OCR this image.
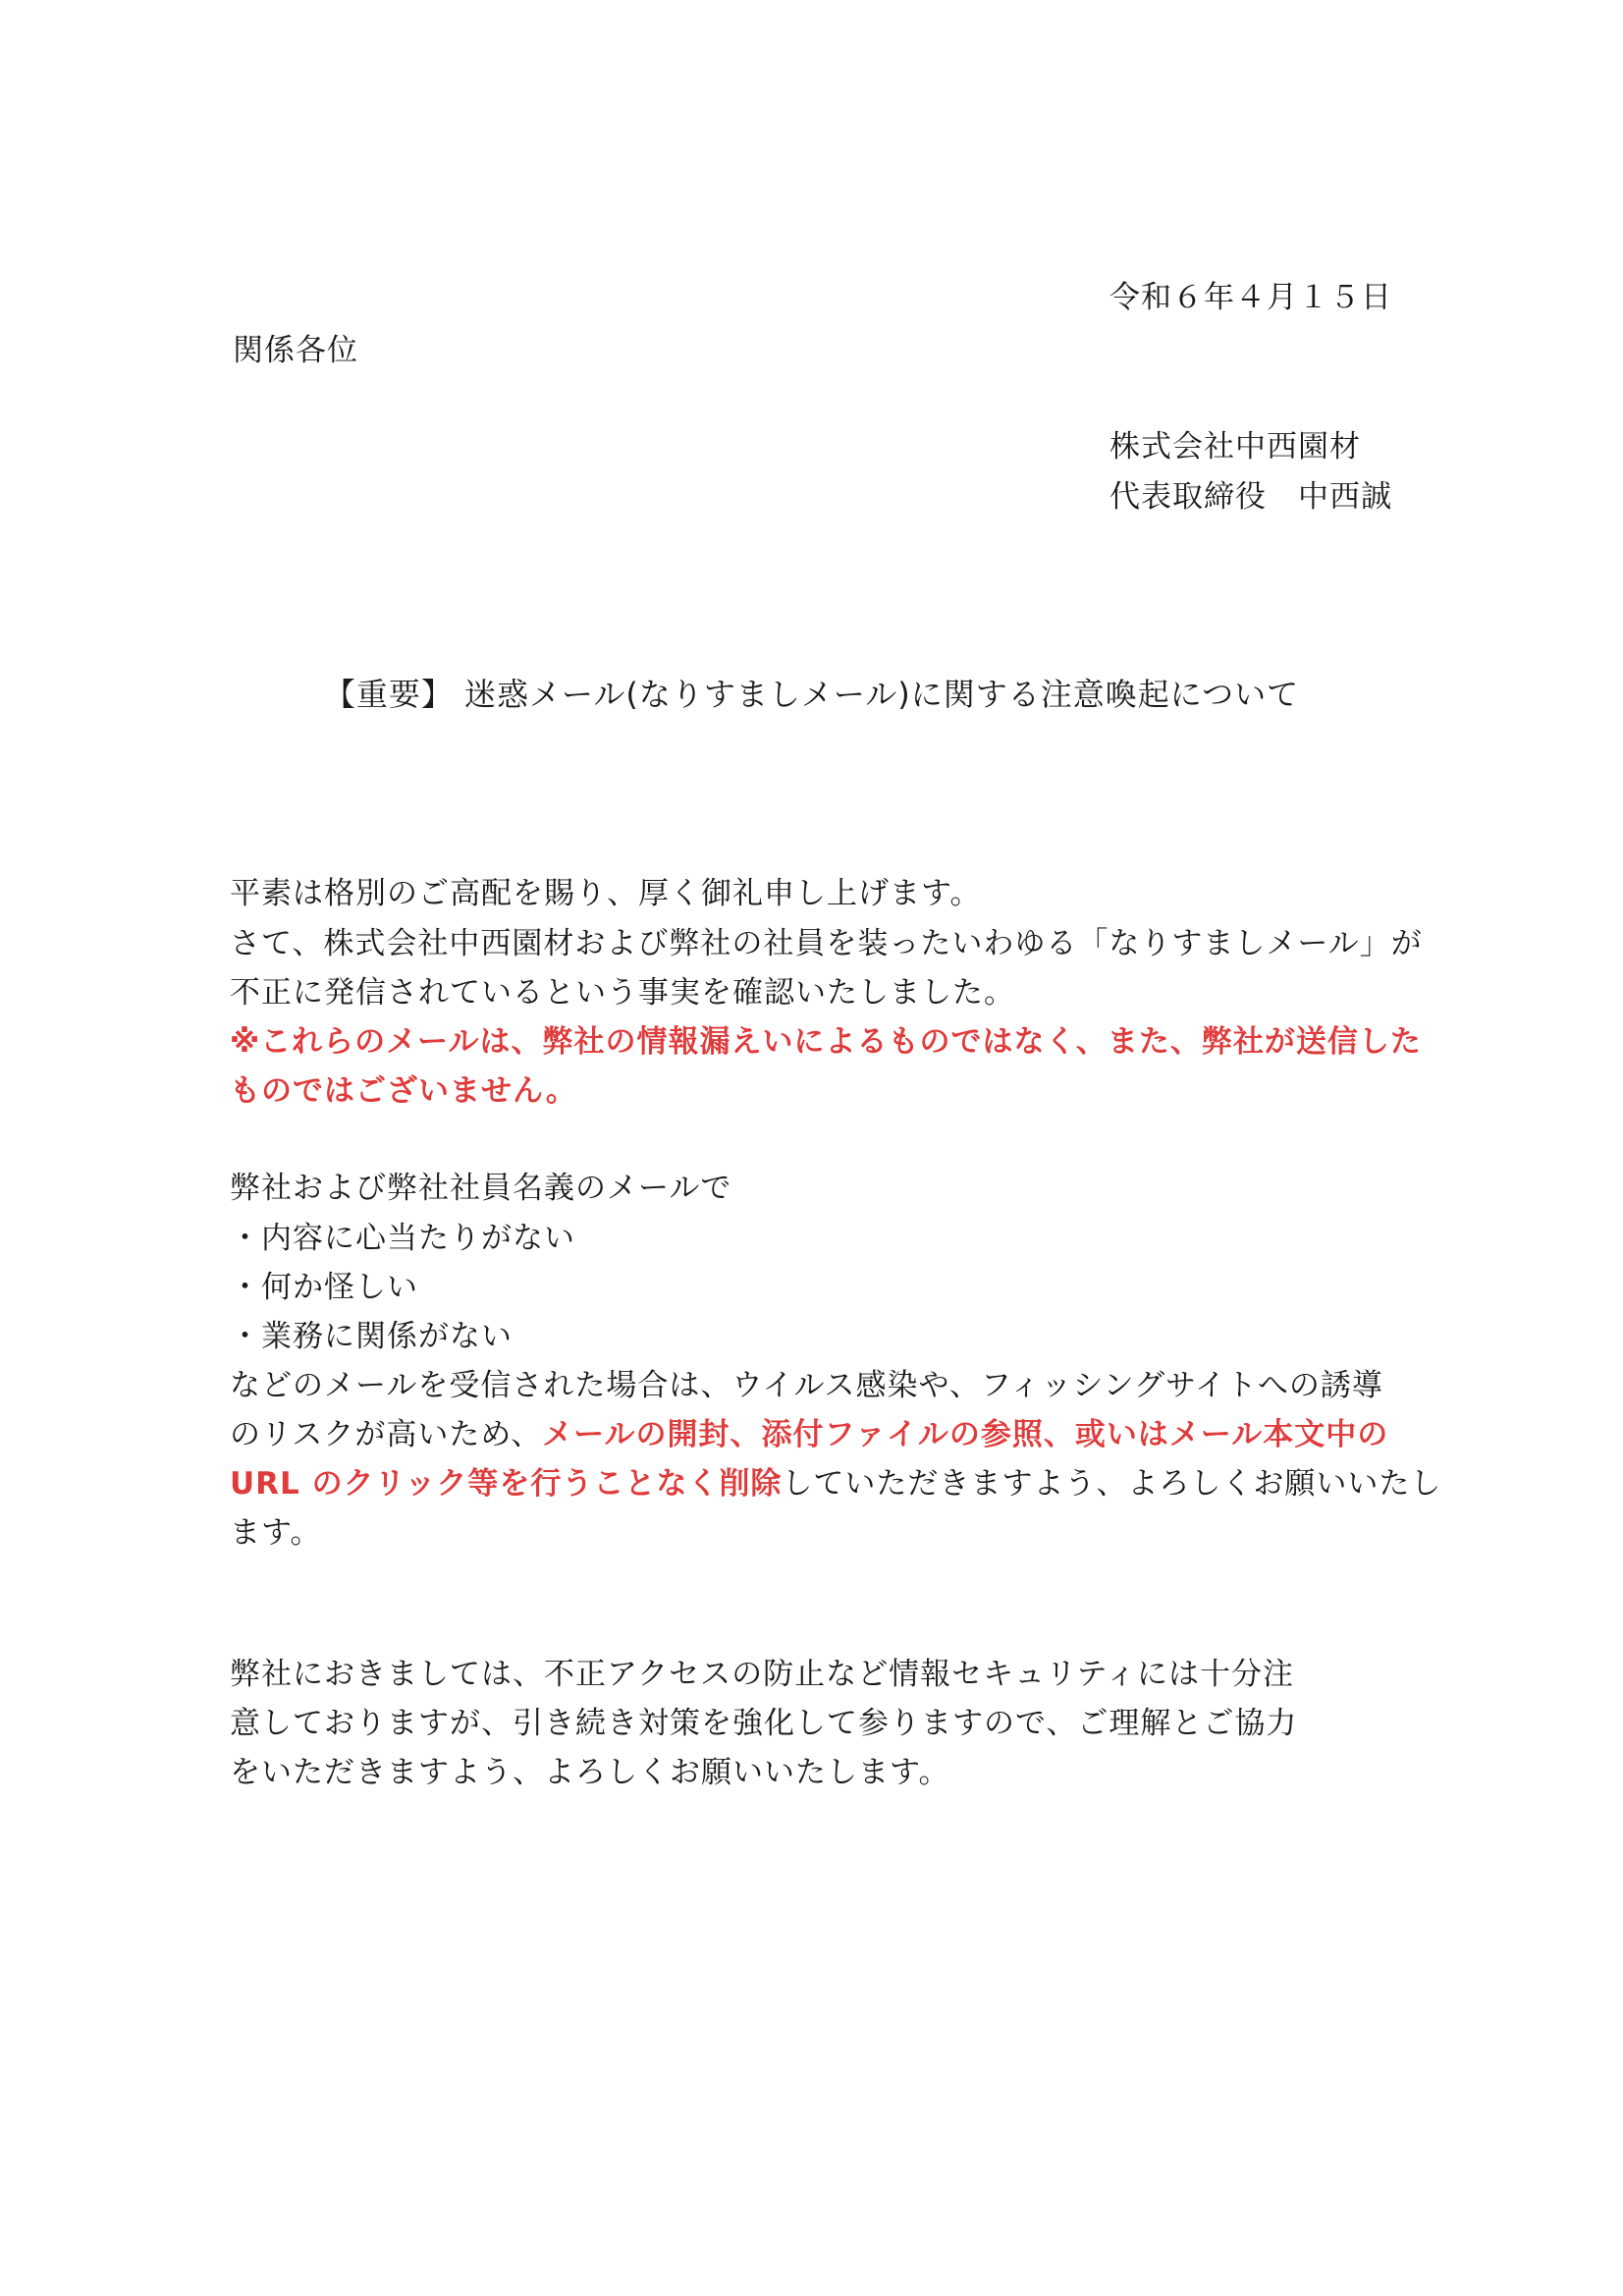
令和６年４月１５日
関係各位
株式会社中西園材
代表取締役　中西誠
【重要】 迷惑メール(なりすましメール)に関する注意喚起について
平素は格別のご高配を賜り、厚く御礼申し上げます。
さて、株式会社中西園材および弊社の社員を装ったいわゆる「なりすましメール」が
不正に発信されているという事実を確認いたしました。
※これらのメールは、弊社の情報漏えいによるものではなく、また、弊社が送信した
ものではございません。
弊社および弊社社員名義のメールで
・内容に心当たりがない
・何か怪しい
・業務に関係がない
などのメールを受信された場合は、ウイルス感染や、フィッシングサイトへの誘導
のリスクが高いため、メールの開封、添付ファイルの参照、或いはメール本文中の
URL のクリック等を行うことなく削除していただきますよう、よろしくお願いいたし
ます。
弊社におきましては、不正アクセスの防止など情報セキュリティには十分注
意しておりますが、引き続き対策を強化して参りますので、ご理解とご協力
をいただきますよう、よろしくお願いいたします。
